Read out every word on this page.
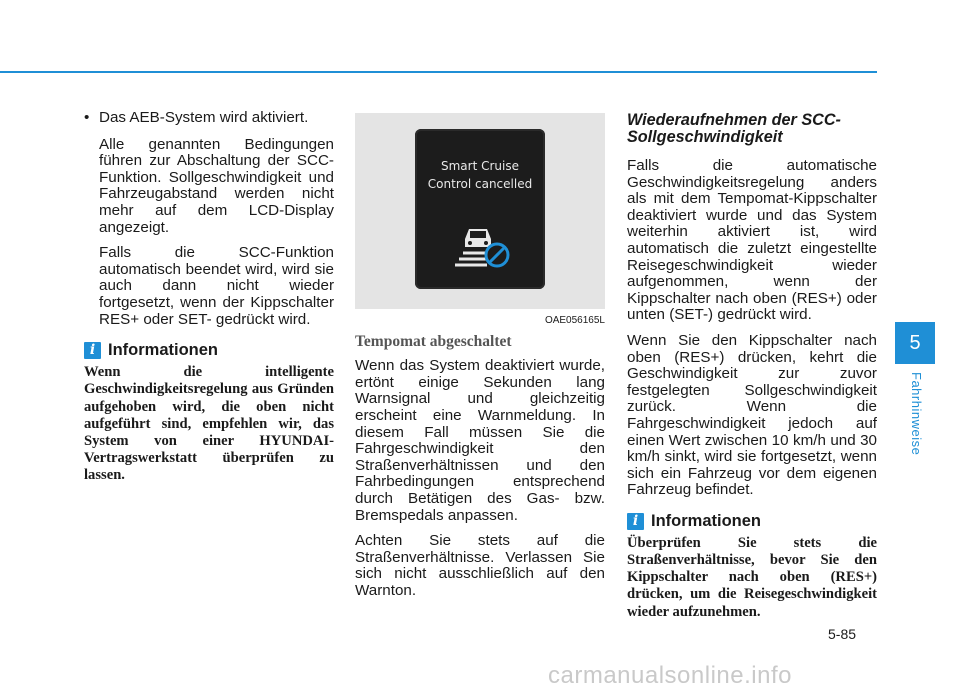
• Das AEB-System wird aktiviert.

Alle genannten Bedingungen führen zur Abschaltung der SCC-Funktion. Sollgeschwindigkeit und Fahrzeugabstand werden nicht mehr auf dem LCD-Display angezeigt.

Falls die SCC-Funktion automatisch beendet wird, wird sie auch dann nicht wieder fortgesetzt, wenn der Kippschalter RES+ oder SET- gedrückt wird.

i Informationen
Wenn die intelligente Geschwindigkeitsregelung aus Gründen aufgehoben wird, die oben nicht aufgeführt sind, empfehlen wir, das System von einer HYUNDAI-Vertragswerkstatt überprüfen zu lassen.
Smart Cruise
Control cancelled
OAE056165L
Tempomat abgeschaltet

Wenn das System deaktiviert wurde, ertönt einige Sekunden lang Warnsignal und gleichzeitig erscheint eine Warnmeldung. In diesem Fall müssen Sie die Fahrgeschwindigkeit den Straßenverhältnissen und den Fahrbedingungen entsprechend durch Betätigen des Gas- bzw. Bremspedals anpassen.

Achten Sie stets auf die Straßenverhältnisse. Verlassen Sie sich nicht ausschließlich auf den Warnton.

Wiederaufnehmen der SCC-Sollgeschwindigkeit

Falls die automatische Geschwindigkeitsregelung anders als mit dem Tempomat-Kippschalter deaktiviert wurde und das System weiterhin aktiviert ist, wird automatisch die zuletzt eingestellte Reisegeschwindigkeit wieder aufgenommen, wenn der Kippschalter nach oben (RES+) oder unten (SET-) gedrückt wird.

Wenn Sie den Kippschalter nach oben (RES+) drücken, kehrt die Geschwindigkeit zur zuvor festgelegten Sollgeschwindigkeit zurück. Wenn die Fahrgeschwindigkeit jedoch auf einen Wert zwischen 10 km/h und 30 km/h sinkt, wird sie fortgesetzt, wenn sich ein Fahrzeug vor dem eigenen Fahrzeug befindet.

i Informationen
Überprüfen Sie stets die Straßenverhältnisse, bevor Sie den Kippschalter nach oben (RES+) drücken, um die Reisegeschwindigkeit wieder aufzunehmen.
5
Fahrhinweise
5-85
carmanualsonline.info
